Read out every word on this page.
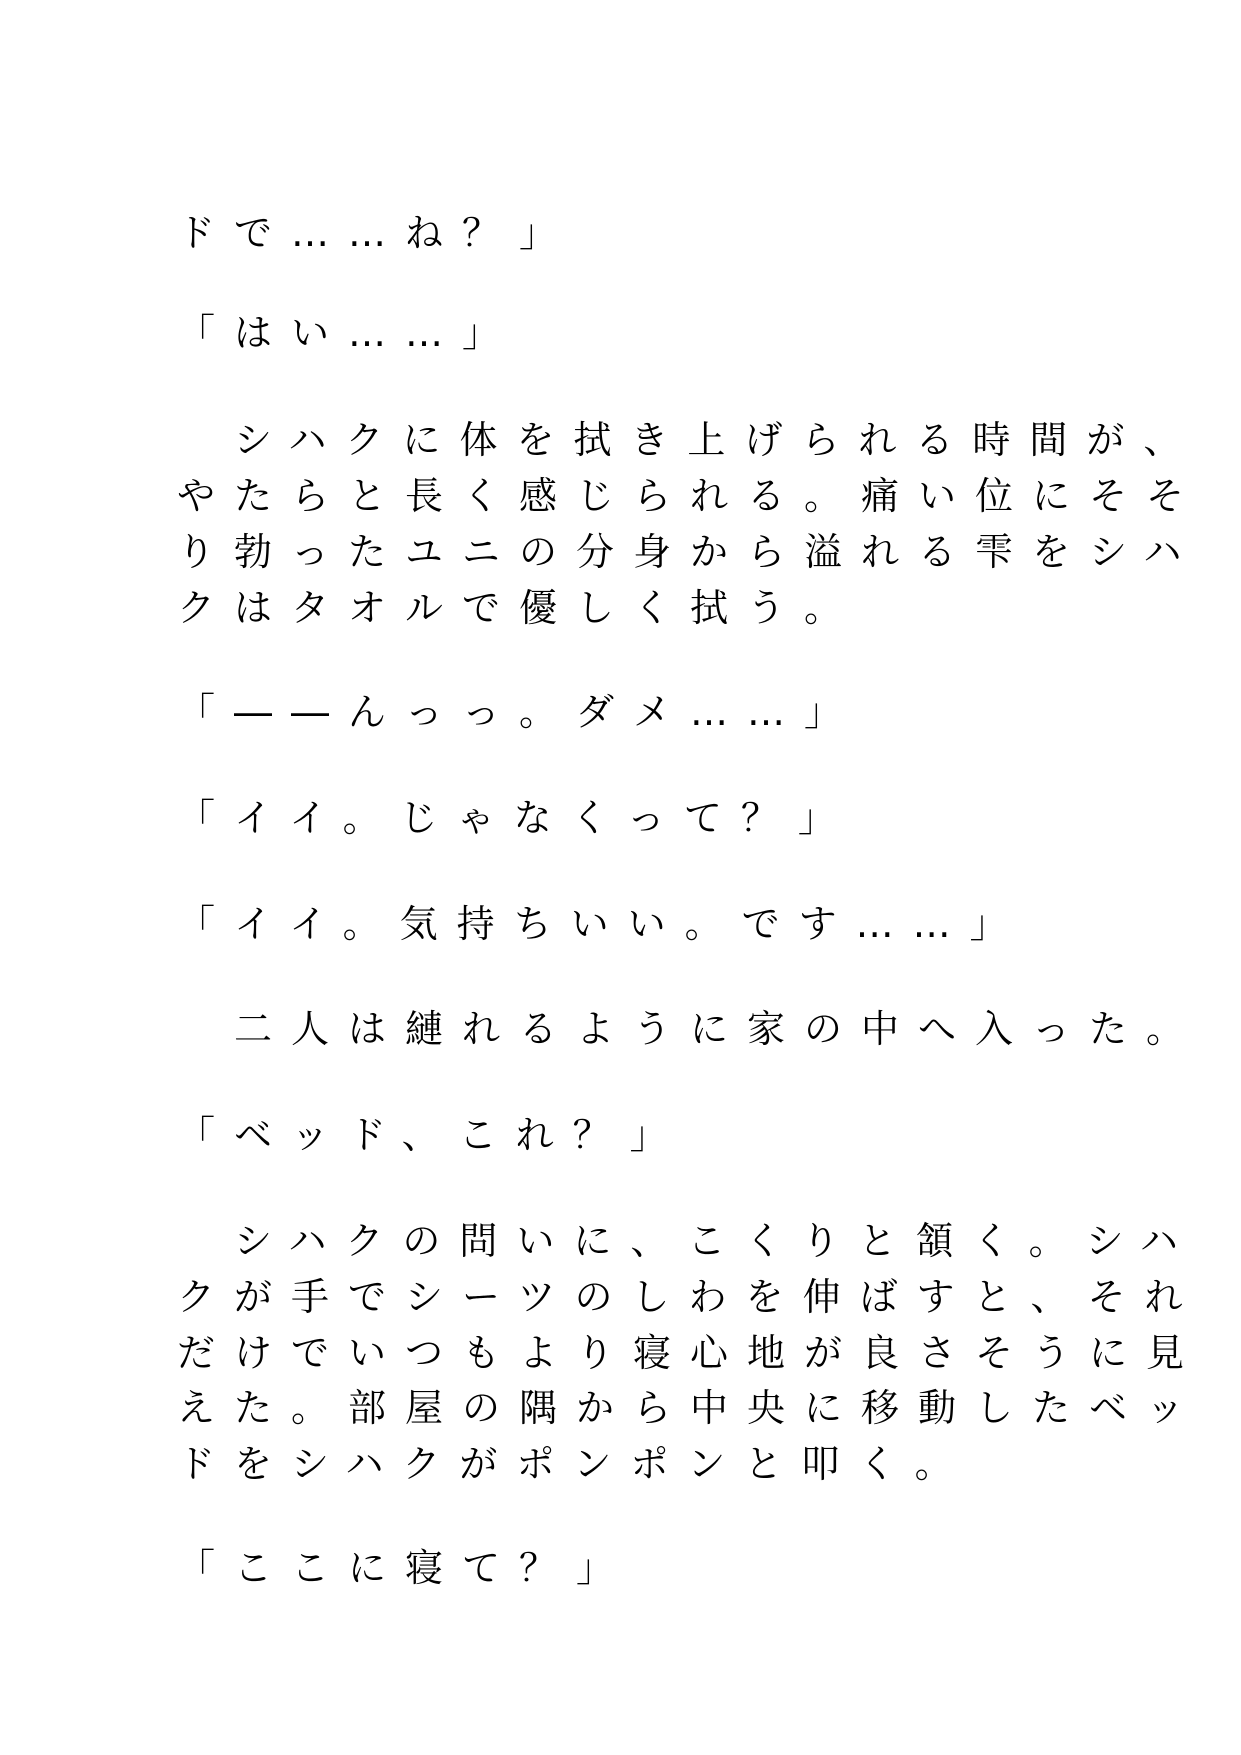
ドで……ね？」
「はい……」
　シハクに体を拭き上げられる時間が、
やたらと長く感じられる。痛い位にそそ
り勃ったユニの分身から溢れる雫をシハ
クはタオルで優しく拭う。
「――んっっ。ダメ……」
「イイ。じゃなくって？」
「イイ。気持ちいい。です……」
　二人は縺れるように家の中へ入った。
「ベッド、これ？」
　シハクの問いに、こくりと頷く。シハ
クが手でシーツのしわを伸ばすと、それ
だけでいつもより寝心地が良さそうに見
えた。部屋の隅から中央に移動したベッ
ドをシハクがポンポンと叩く。
「ここに寝て？」
